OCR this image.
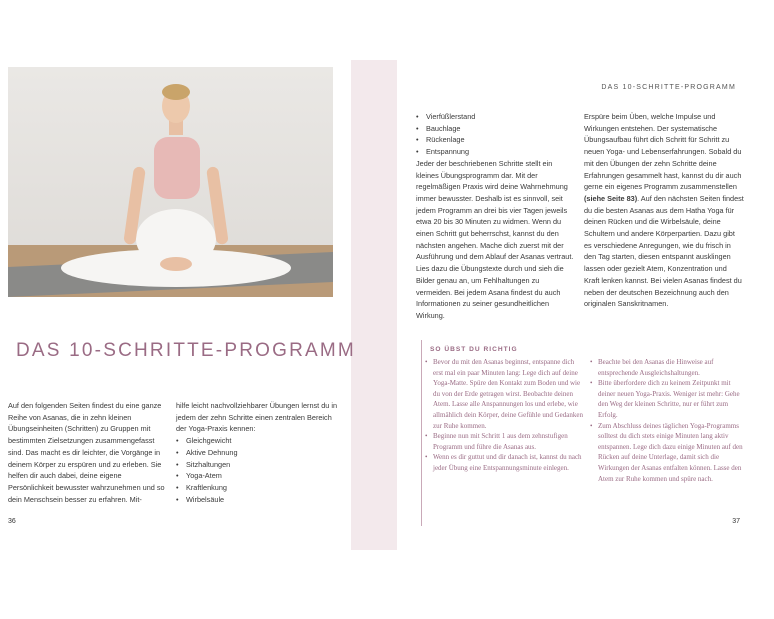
DAS 10-SCHRITTE-PROGRAMM

Auf den folgenden Seiten findest du eine ganze Reihe von Asanas, die in zehn kleinen Übungseinheiten (Schritten) zu Gruppen mit bestimmten Zielsetzungen zusammengefasst sind. Das macht es dir leichter, die Vorgänge in deinem Körper zu erspüren und zu erleben. Sie helfen dir auch dabei, deine eigene Persönlichkeit bewusster wahrzunehmen und so dein Menschsein besser zu erfahren. Mit-

hilfe leicht nachvollziehbarer Übungen lernst du in jedem der zehn Schritte einen zentralen Bereich der Yoga-Praxis kennen:

• Gleichgewicht
• Aktive Dehnung
• Sitzhaltungen
• Yoga-Atem
• Kraftlenkung
• Wirbelsäule
DAS 10-SCHRITTE-PROGRAMM
• Vierfüßlerstand
• Bauchlage
• Rückenlage
• Entspannung

Jeder der beschriebenen Schritte stellt ein kleines Übungsprogramm dar. Mit der regelmäßigen Praxis wird deine Wahrnehmung immer bewusster. Deshalb ist es sinnvoll, seit jedem Programm an drei bis vier Tagen jeweils etwa 20 bis 30 Minuten zu widmen. Wenn du einen Schritt gut beherrschst, kannst du den nächsten angehen. Mache dich zuerst mit der Ausführung und dem Ablauf der Asanas vertraut. Lies dazu die Übungstexte durch und sieh die Bilder genau an, um Fehlhaltungen zu vermeiden. Bei jedem Asana findest du auch Informationen zu seiner gesundheitlichen Wirkung.

Erspüre beim Üben, welche Impulse und Wirkungen entstehen. Der systematische Übungsaufbau führt dich Schritt für Schritt zu neuen Yoga- und Lebenserfahrungen. Sobald du mit den Übungen der zehn Schritte deine Erfahrungen gesammelt hast, kannst du dir auch gerne ein eigenes Programm zusammenstellen (siehe Seite 83). Auf den nächsten Seiten findest du die besten Asanas aus dem Hatha Yoga für deinen Rücken und die Wirbelsäule, deine Schultern und andere Körperpartien. Dazu gibt es verschiedene Anregungen, wie du frisch in den Tag starten, diesen entspannt ausklingen lassen oder gezielt Atem, Konzentration und Kraft lenken kannst. Bei vielen Asanas findest du neben der deutschen Bezeichnung auch den originalen Sanskritnamen.

SO ÜBST DU RICHTIG

• Bevor du mit den Asanas beginnst, entspanne dich erst mal ein paar Minuten lang: Lege dich auf deine Yoga-Matte. Spüre den Kontakt zum Boden und wie du von der Erde getragen wirst. Beobachte deinen Atem. Lasse alle Anspannungen los und erlebe, wie allmählich dein Körper, deine Gefühle und Gedanken zur Ruhe kommen.

• Beginne nun mit Schritt 1 aus dem zehnstufigen Programm und führe die Asanas aus.

• Wenn es dir guttut und dir danach ist, kannst du nach jeder Übung eine Entspannungsminute einlegen.

• Beachte bei den Asanas die Hinweise auf entsprechende Ausgleichshaltungen.

• Bitte überfordere dich zu keinem Zeitpunkt mit deiner neuen Yoga-Praxis. Weniger ist mehr: Gehe den Weg der kleinen Schritte, nur er führt zum Erfolg.

• Zum Abschluss deines täglichen Yoga-Programms solltest du dich stets einige Minuten lang aktiv entspannen. Lege dich dazu einige Minuten auf den Rücken auf deine Unterlage, damit sich die Wirkungen der Asanas entfalten können. Lasse den Atem zur Ruhe kommen und spüre nach.

36	37
